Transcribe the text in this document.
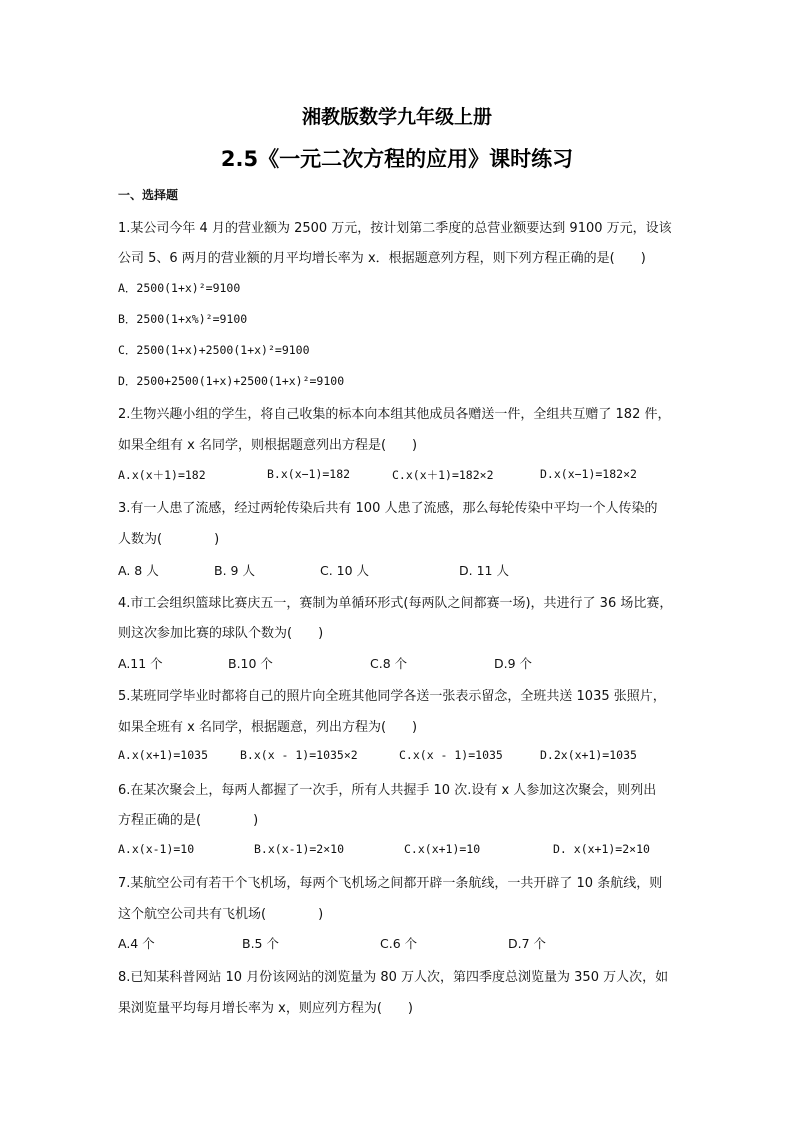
湘教版数学九年级上册
2.5《一元二次方程的应用》课时练习
一、选择题
1.某公司今年 4 月的营业额为 2500 万元，按计划第二季度的总营业额要达到 9100 万元，设该
公司 5、6 两月的营业额的月平均增长率为 x．根据题意列方程，则下列方程正确的是(　　)
A．2500(1+x)²=9100
B．2500(1+x%)²=9100
C．2500(1+x)+2500(1+x)²=9100
D．2500+2500(1+x)+2500(1+x)²=9100
2.生物兴趣小组的学生，将自己收集的标本向本组其他成员各赠送一件，全组共互赠了 182 件，
如果全组有 x 名同学，则根据题意列出方程是(　　)
A.x(x＋1)=182	B.x(x−1)=182	C.x(x＋1)=182×2	D.x(x−1)=182×2
3.有一人患了流感，经过两轮传染后共有 100 人患了流感，那么每轮传染中平均一个人传染的
人数为(　　　　)
A. 8 人	B. 9 人	C. 10 人	D. 11 人
4.市工会组织篮球比赛庆五一，赛制为单循环形式(每两队之间都赛一场)，共进行了 36 场比赛，
则这次参加比赛的球队个数为(　　)
A.11 个	B.10 个	C.8 个	D.9 个
5.某班同学毕业时都将自己的照片向全班其他同学各送一张表示留念，全班共送 1035 张照片，
如果全班有 x 名同学，根据题意，列出方程为(　　)
A.x(x+1)=1035	B.x(x - 1)=1035×2	C.x(x - 1)=1035	D.2x(x+1)=1035
6.在某次聚会上，每两人都握了一次手，所有人共握手 10 次.设有 x 人参加这次聚会，则列出
方程正确的是(　　　　)
A.x(x-1)=10	B.x(x-1)=2×10	C.x(x+1)=10	D. x(x+1)=2×10
7.某航空公司有若干个飞机场，每两个飞机场之间都开辟一条航线，一共开辟了 10 条航线，则
这个航空公司共有飞机场(　　　　)
A.4 个	B.5 个	C.6 个	D.7 个
8.已知某科普网站 10 月份该网站的浏览量为 80 万人次，第四季度总浏览量为 350 万人次，如
果浏览量平均每月增长率为 x，则应列方程为(　　)
